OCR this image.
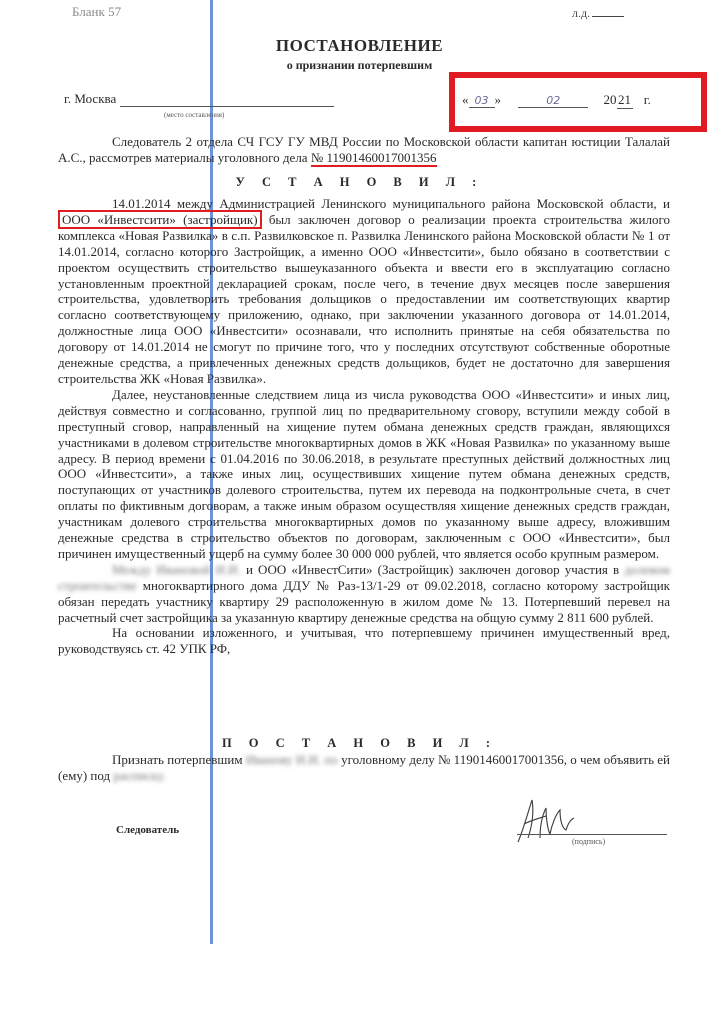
Бланк 57	л.д.
ПОСТАНОВЛЕНИЕ
о признании потерпевшим
г. Москва
(место составления)
« 03 »	02	20 21 г.

Следователь 2 отдела СЧ ГСУ ГУ МВД России по Московской области капитан юстиции Талалай А.С., рассмотрев материалы уголовного дела № 11901460017001356

У С Т А Н О В И Л :

14.01.2014 между Администрацией Ленинского муниципального района Московской области, и ООО «Инвестсити» (застройщик) был заключен договор о реализации проекта строительства жилого комплекса «Новая Развилка» в с.п. Развилковское п. Развилка Ленинского района Московской области № 1 от 14.01.2014, согласно которого Застройщик, а именно ООО «Инвестсити», было обязано в соответствии с проектом осуществить строительство вышеуказанного объекта и ввести его в эксплуатацию согласно установленным проектной декларацией срокам, после чего, в течение двух месяцев после завершения строительства, удовлетворить требования дольщиков о предоставлении им соответствующих квартир согласно соответствующему приложению, однако, при заключении указанного договора от 14.01.2014, должностные лица ООО «Инвестсити» осознавали, что исполнить принятые на себя обязательства по договору от 14.01.2014 не смогут по причине того, что у последних отсутствуют собственные оборотные денежные средства, а привлеченных денежных средств дольщиков, будет не достаточно для завершения строительства ЖК «Новая Развилка».

Далее, неустановленные следствием лица из числа руководства ООО «Инвестсити» и иных лиц, действуя совместно и согласованно, группой лиц по предварительному сговору, вступили между собой в преступный сговор, направленный на хищение путем обмана денежных средств граждан, являющихся участниками в долевом строительстве многоквартирных домов в ЖК «Новая Развилка» по указанному выше адресу. В период времени с 01.04.2016 по 30.06.2018, в результате преступных действий должностных лиц ООО «Инвестсити», а также иных лиц, осуществивших хищение путем обмана денежных средств, поступающих от участников долевого строительства, путем их перевода на подконтрольные счета, в счет оплаты по фиктивным договорам, а также иным образом осуществляя хищение денежных средств граждан, участникам долевого строительства многоквартирных домов по указанному выше адресу, вложившим денежные средства в строительство объектов по договорам, заключенным с ООО «Инвестсити», был причинен имущественный ущерб на сумму более 30 000 000 рублей, что является особо крупным размером.

Между Ивановой И.И. и ООО «ИнвестСити» (Застройщик) заключен договор участия в долевом строительстве многоквартирного дома ДДУ № Раз-13/1-29 от 09.02.2018, согласно которому застройщик обязан передать участнику квартиру 29 расположенную в жилом доме № 13. Потерпевший перевел на расчетный счет застройщика за указанную квартиру денежные средства на общую сумму 2 811 600 рублей.

На основании изложенного, и учитывая, что потерпевшему причинен имущественный вред, руководствуясь ст. 42 УПК РФ,

П О С Т А Н О В И Л :

Признать потерпевшим Иванову И.И. по уголовному делу № 11901460017001356, о чем объявить ей (ему) под расписку.

Следователь
(подпись)
